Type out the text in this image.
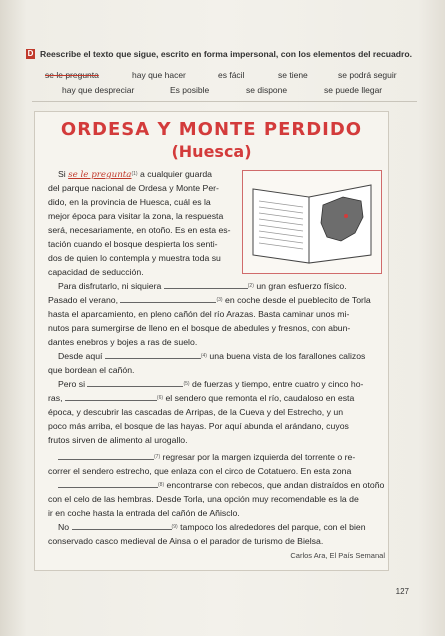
D Reescribe el texto que sigue, escrito en forma impersonal, con los elementos del recuadro.
se le pregunta	hay que hacer	es fácil	se tiene	se podrá seguir
hay que despreciar	Es posible	se dispone	se puede llegar
ORDESA Y MONTE PERDIDO
(Huesca)
Si se le pregunta$^{(1)}$ a cualquier guarda
del parque nacional de Ordesa y Monte Per-
dido, en la provincia de Huesca, cuál es la
mejor época para visitar la zona, la respuesta
será, necesariamente, en otoño. Es en esta es-
tación cuando el bosque despierta los senti-
dos de quien lo contempla y muestra toda su
capacidad de seducción.
Para disfrutarlo, ni siquiera	$^{(2)}$ un gran esfuerzo físico.
Pasado el verano,	$^{(3)}$ en coche desde el pueblecito de Torla
hasta el aparcamiento, en pleno cañón del río Arazas. Basta caminar unos mi-
nutos para sumergirse de lleno en el bosque de abedules y fresnos, con abun-
dantes enebros y bojes a ras de suelo.
Desde aquí	$^{(4)}$ una buena vista de los farallones calizos
que bordean el cañón.
Pero si	$^{(5)}$ de fuerzas y tiempo, entre cuatro y cinco ho-
ras,	$^{(6)}$ el sendero que remonta el río, caudaloso en esta
época, y descubrir las cascadas de Arripas, de la Cueva y del Estrecho, y un
poco más arriba, el bosque de las hayas. Por aquí abunda el arándano, cuyos
frutos sirven de alimento al urogallo.
$^{(7)}$ regresar por la margen izquierda del torrente o re-
correr el sendero estrecho, que enlaza con el circo de Cotatuero. En esta zona
$^{(8)}$ encontrarse con rebecos, que andan distraídos en otoño
con el celo de las hembras. Desde Torla, una opción muy recomendable es la de
ir en coche hasta la entrada del cañón de Añisclo.
No	$^{(9)}$ tampoco los alrededores del parque, con el bien
conservado casco medieval de Ainsa o el parador de turismo de Bielsa.
Carlos Ara, El País Semanal
127
